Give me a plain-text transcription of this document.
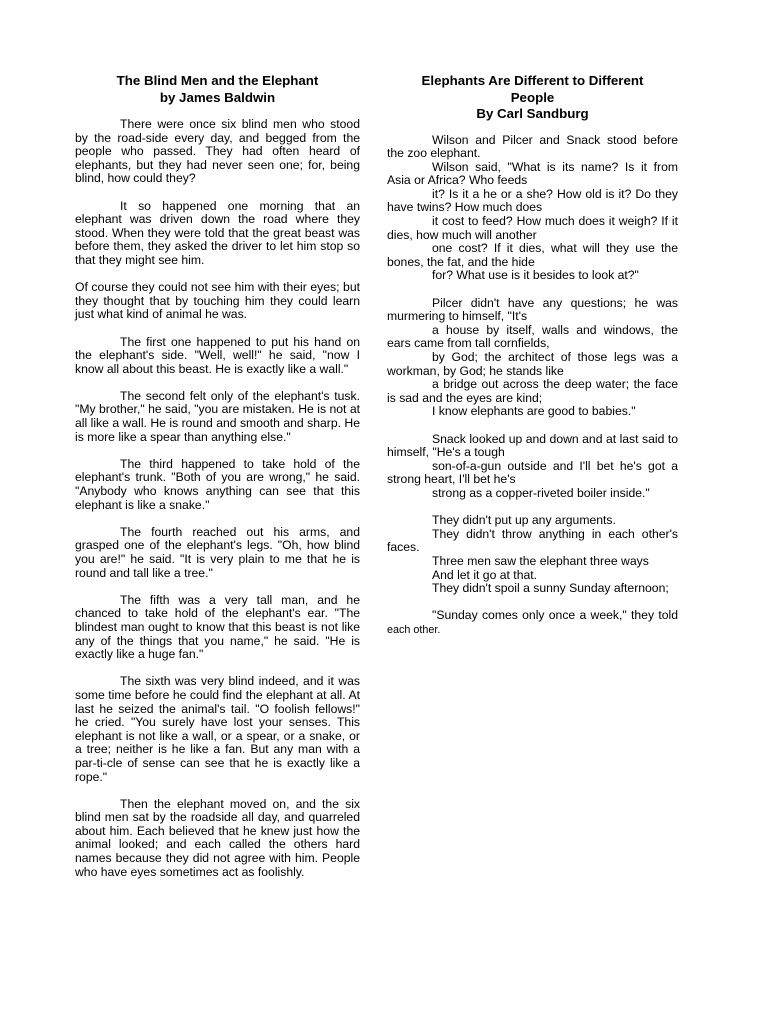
The Blind Men and the Elephant
by James Baldwin

There were once six blind men who stood by the road-side every day, and begged from the people who passed. They had often heard of elephants, but they had never seen one; for, being blind, how could they?

It so happened one morning that an elephant was driven down the road where they stood. When they were told that the great beast was before them, they asked the driver to let him stop so that they might see him.

Of course they could not see him with their eyes; but they thought that by touching him they could learn just what kind of animal he was.

The first one happened to put his hand on the elephant's side. "Well, well!" he said, "now I know all about this beast. He is exactly like a wall."

The second felt only of the elephant's tusk. "My brother," he said, "you are mistaken. He is not at all like a wall. He is round and smooth and sharp. He is more like a spear than anything else."

The third happened to take hold of the elephant's trunk. "Both of you are wrong," he said. "Anybody who knows anything can see that this elephant is like a snake."

The fourth reached out his arms, and grasped one of the elephant's legs. "Oh, how blind you are!" he said. "It is very plain to me that he is round and tall like a tree."

The fifth was a very tall man, and he chanced to take hold of the elephant's ear. "The blindest man ought to know that this beast is not like any of the things that you name," he said. "He is exactly like a huge fan."

The sixth was very blind indeed, and it was some time before he could find the elephant at all. At last he seized the animal's tail. "O foolish fellows!" he cried. "You surely have lost your senses. This elephant is not like a wall, or a spear, or a snake, or a tree; neither is he like a fan. But any man with a par-ti-cle of sense can see that he is exactly like a rope."

Then the elephant moved on, and the six blind men sat by the roadside all day, and quarreled about him. Each believed that he knew just how the animal looked; and each called the others hard names because they did not agree with him. People who have eyes sometimes act as foolishly.

Elephants Are Different to Different
People
By Carl Sandburg

Wilson and Pilcer and Snack stood before the zoo elephant.

Wilson said, "What is its name? Is it from Asia or Africa? Who feeds

it? Is it a he or a she? How old is it? Do they have twins? How much does

it cost to feed? How much does it weigh? If it dies, how much will another

one cost? If it dies, what will they use the bones, the fat, and the hide

for? What use is it besides to look at?"

Pilcer didn't have any questions; he was murmering to himself, "It's

a house by itself, walls and windows, the ears came from tall cornfields,

by God; the architect of those legs was a workman, by God; he stands like

a bridge out across the deep water; the face is sad and the eyes are kind;

I know elephants are good to babies."

Snack looked up and down and at last said to himself, "He's a tough

son-of-a-gun outside and I'll bet he's got a strong heart, I'll bet he's

strong as a copper-riveted boiler inside."

They didn't put up any arguments.

They didn't throw anything in each other's faces.

Three men saw the elephant three ways

And let it go at that.

They didn't spoil a sunny Sunday afternoon;

"Sunday comes only once a week," they told each other.
